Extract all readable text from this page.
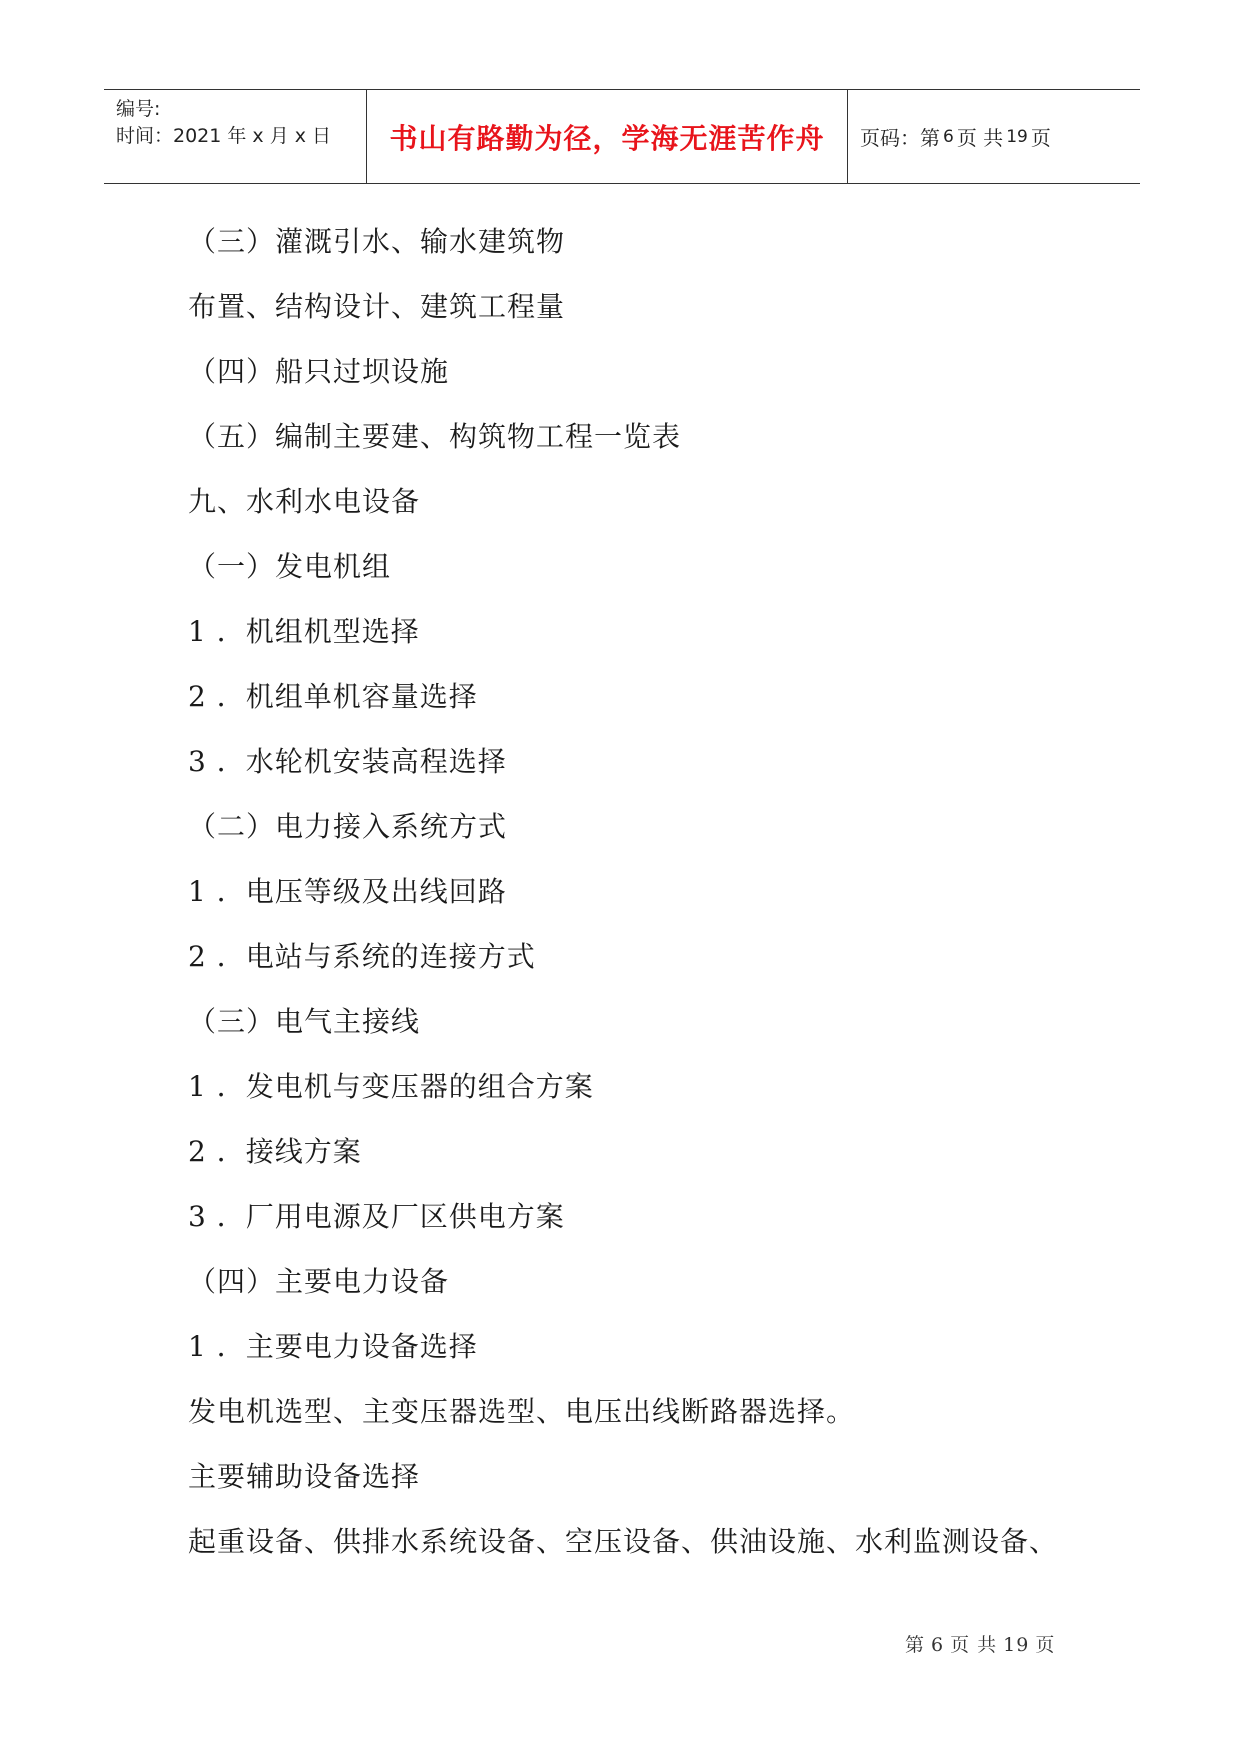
编号:
时间：2021 年 x 月 x 日 书山有路勤为径，学海无涯苦作舟 页码：第 6 页 共 19 页
（三）灌溉引水、输水建筑物
布置、结构设计、建筑工程量
（四）船只过坝设施
（五）编制主要建、构筑物工程一览表
九、水利水电设备
（一）发电机组
1 ．机组机型选择
2 ．机组单机容量选择
3 ．水轮机安装高程选择
（二）电力接入系统方式
1 ．电压等级及出线回路
2 ．电站与系统的连接方式
（三）电气主接线
1 ．发电机与变压器的组合方案
2 ．接线方案
3 ．厂用电源及厂区供电方案
（四）主要电力设备
1 ．主要电力设备选择
发电机选型、主变压器选型、电压出线断路器选择。
主要辅助设备选择
起重设备、供排水系统设备、空压设备、供油设施、水利监测设备、
第 6 页 共 19 页
